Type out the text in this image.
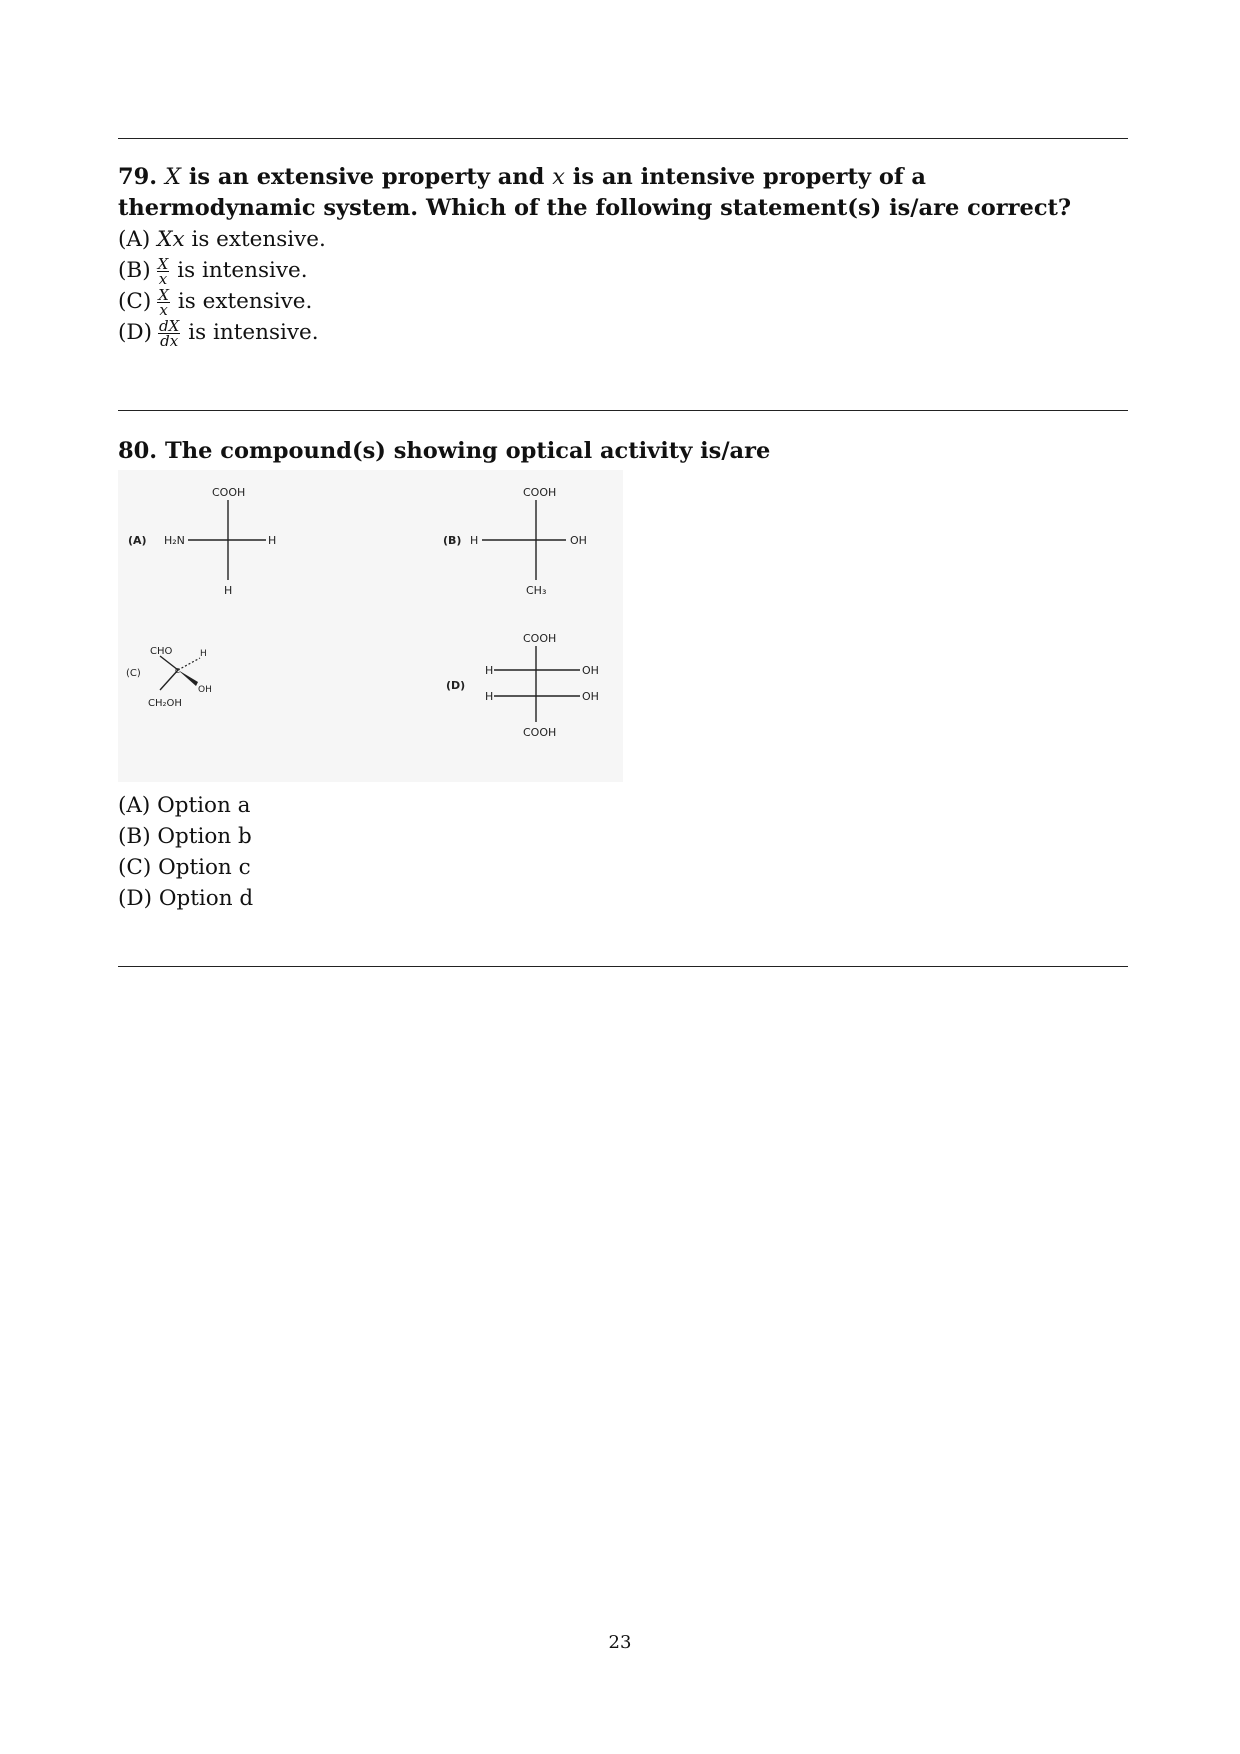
79. X is an extensive property and x is an intensive property of a thermodynamic system. Which of the following statement(s) is/are correct?
(A) Xx is extensive.
$(B) \frac{X}{x}$ is intensive.
$(C) \frac{X}{x}$ is extensive.
$(D) \frac{dX}{dx}$ is intensive.
80. The compound(s) showing optical activity is/are
COOH
(A) H₂N	H
H
COOH
(B) H	OH
CH₃
C
CHO	H
OH
(C)
CH₂OH
COOH
H	OH
H	OH
(D)
COOH
(A) Option a
(B) Option b
(C) Option c
(D) Option d
23
